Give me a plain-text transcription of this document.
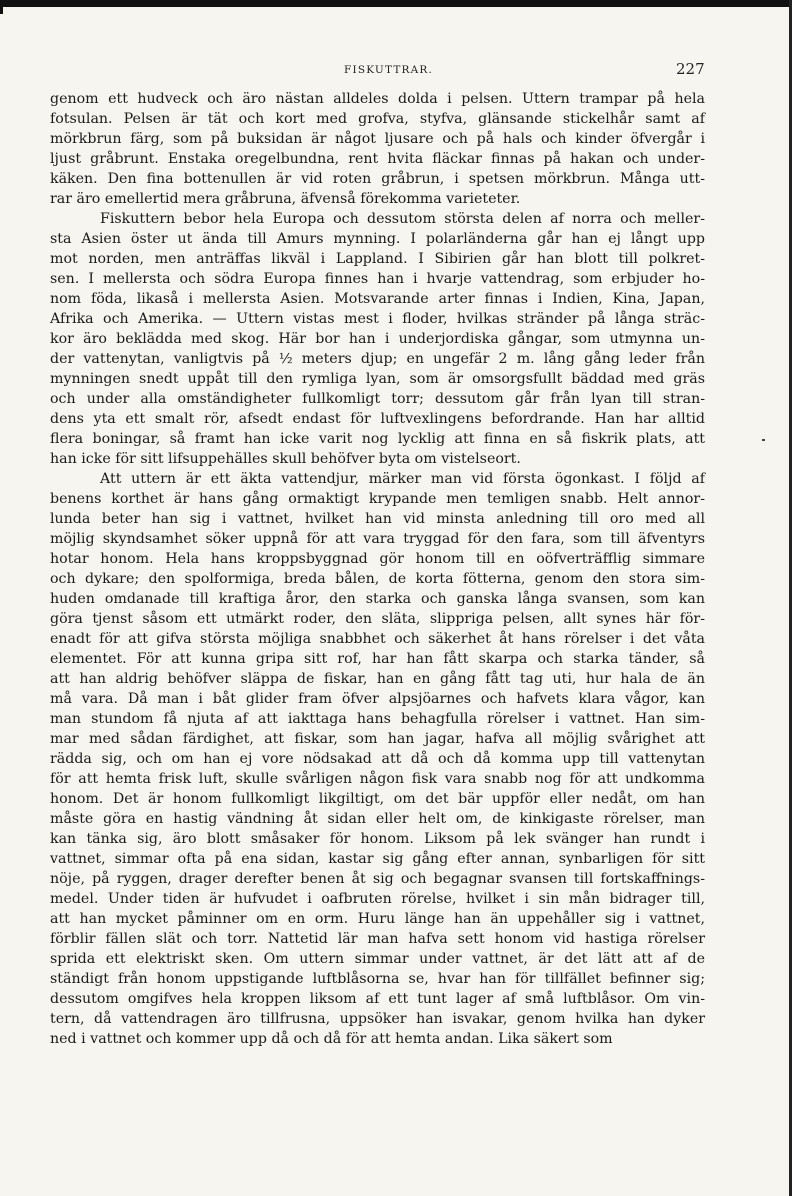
FISKUTTRAR.	227
genom ett hudveck och äro nästan alldeles dolda i pelsen. Uttern trampar på hela
fotsulan. Pelsen är tät och kort med grofva, styfva, glänsande stickelhår samt af
mörkbrun färg, som på buksidan är något ljusare och på hals och kinder öfvergår i
ljust gråbrunt. Enstaka oregelbundna, rent hvita fläckar finnas på hakan och under-
käken. Den fina bottenullen är vid roten gråbrun, i spetsen mörkbrun. Många utt-
rar äro emellertid mera gråbruna, äfvenså förekomma varieteter.
Fiskuttern bebor hela Europa och dessutom största delen af norra och meller-
sta Asien öster ut ända till Amurs mynning. I polarländerna går han ej långt upp
mot norden, men anträffas likväl i Lappland. I Sibirien går han blott till polkret-
sen. I mellersta och södra Europa finnes han i hvarje vattendrag, som erbjuder ho-
nom föda, likaså i mellersta Asien. Motsvarande arter finnas i Indien, Kina, Japan,
Afrika och Amerika. — Uttern vistas mest i floder, hvilkas stränder på långa sträc-
kor äro beklädda med skog. Här bor han i underjordiska gångar, som utmynna un-
der vattenytan, vanligtvis på ½ meters djup; en ungefär 2 m. lång gång leder från
mynningen snedt uppåt till den rymliga lyan, som är omsorgsfullt bäddad med gräs
och under alla omständigheter fullkomligt torr; dessutom går från lyan till stran-
dens yta ett smalt rör, afsedt endast för luftvexlingens befordrande. Han har alltid
flera boningar, så framt han icke varit nog lycklig att finna en så fiskrik plats, att
han icke för sitt lifsuppehälles skull behöfver byta om vistelseort.
Att uttern är ett äkta vattendjur, märker man vid första ögonkast. I följd af
benens korthet är hans gång ormaktigt krypande men temligen snabb. Helt annor-
lunda beter han sig i vattnet, hvilket han vid minsta anledning till oro med all
möjlig skyndsamhet söker uppnå för att vara tryggad för den fara, som till äfventyrs
hotar honom. Hela hans kroppsbyggnad gör honom till en oöfverträfflig simmare
och dykare; den spolformiga, breda bålen, de korta fötterna, genom den stora sim-
huden omdanade till kraftiga åror, den starka och ganska långa svansen, som kan
göra tjenst såsom ett utmärkt roder, den släta, slippriga pelsen, allt synes här för-
enadt för att gifva största möjliga snabbhet och säkerhet åt hans rörelser i det våta
elementet. För att kunna gripa sitt rof, har han fått skarpa och starka tänder, så
att han aldrig behöfver släppa de fiskar, han en gång fått tag uti, hur hala de än
må vara. Då man i båt glider fram öfver alpsjöarnes och hafvets klara vågor, kan
man stundom få njuta af att iakttaga hans behagfulla rörelser i vattnet. Han sim-
mar med sådan färdighet, att fiskar, som han jagar, hafva all möjlig svårighet att
rädda sig, och om han ej vore nödsakad att då och då komma upp till vattenytan
för att hemta frisk luft, skulle svårligen någon fisk vara snabb nog för att undkomma
honom. Det är honom fullkomligt likgiltigt, om det bär uppför eller nedåt, om han
måste göra en hastig vändning åt sidan eller helt om, de kinkigaste rörelser, man
kan tänka sig, äro blott småsaker för honom. Liksom på lek svänger han rundt i
vattnet, simmar ofta på ena sidan, kastar sig gång efter annan, synbarligen för sitt
nöje, på ryggen, drager derefter benen åt sig och begagnar svansen till fortskaffnings-
medel. Under tiden är hufvudet i oafbruten rörelse, hvilket i sin mån bidrager till,
att han mycket påminner om en orm. Huru länge han än uppehåller sig i vattnet,
förblir fällen slät och torr. Nattetid lär man hafva sett honom vid hastiga rörelser
sprida ett elektriskt sken. Om uttern simmar under vattnet, är det lätt att af de
ständigt från honom uppstigande luftblåsorna se, hvar han för tillfället befinner sig;
dessutom omgifves hela kroppen liksom af ett tunt lager af små luftblåsor. Om vin-
tern, då vattendragen äro tillfrusna, uppsöker han isvakar, genom hvilka han dyker
ned i vattnet och kommer upp då och då för att hemta andan. Lika säkert som
